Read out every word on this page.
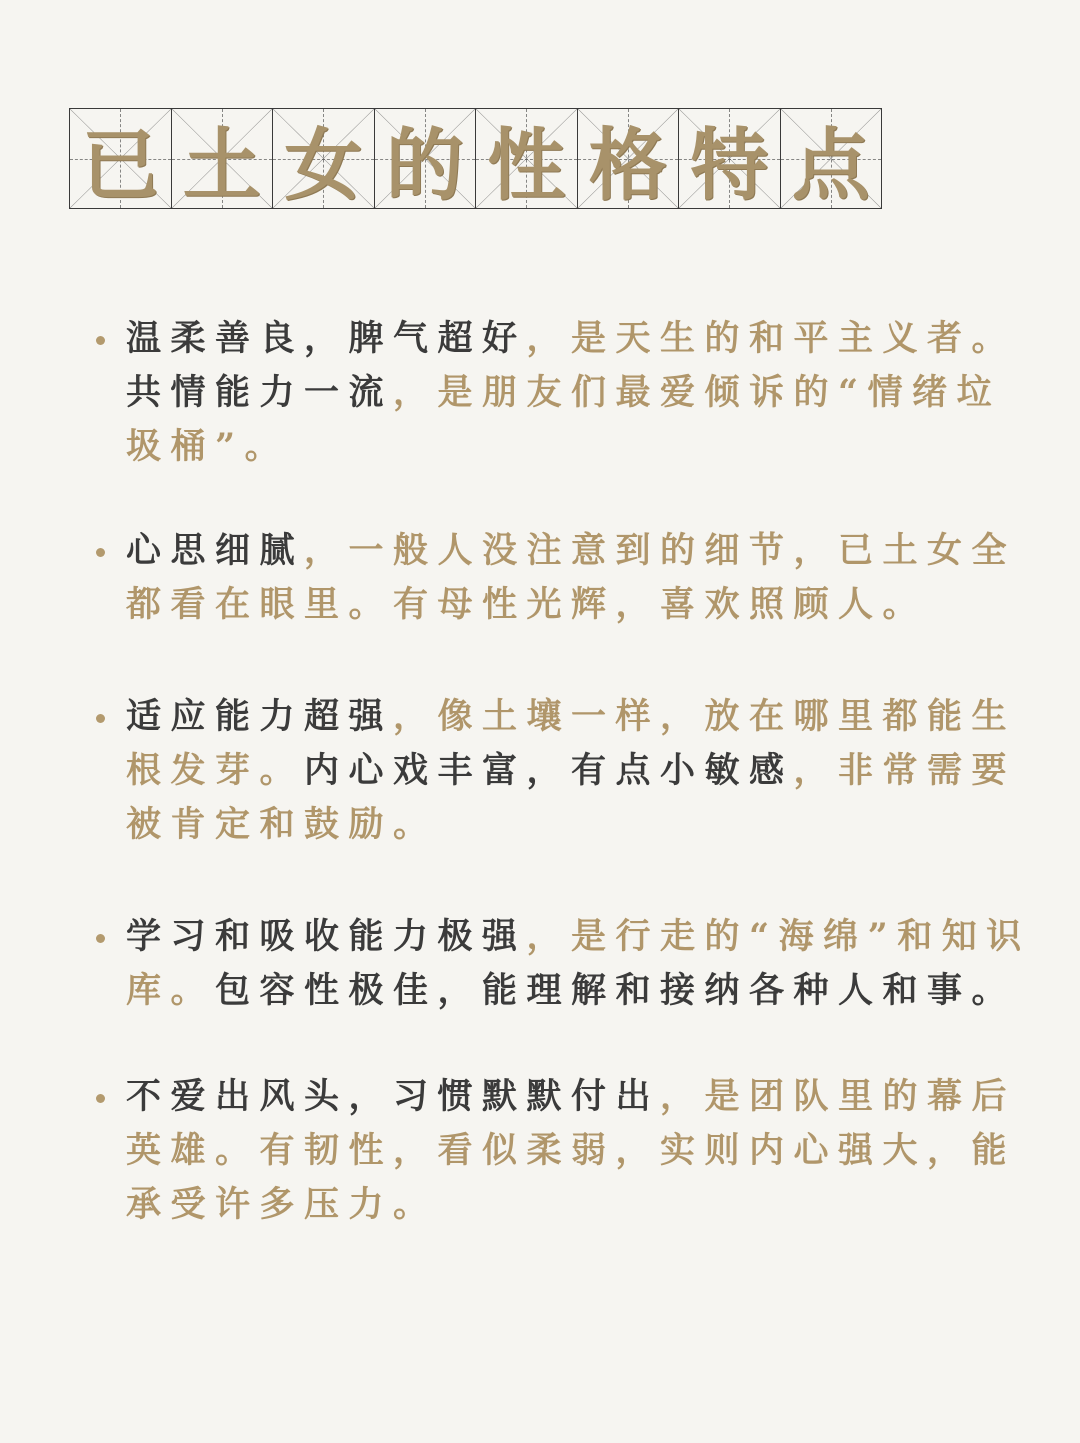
已 土 女 的 性 格 特 点
温柔善良，脾气超好，是天生的和平主义者。共情能力一流，是朋友们最爱倾诉的“情绪垃圾桶”。
心思细腻，一般人没注意到的细节，已土女全都看在眼里。有母性光辉，喜欢照顾人。
适应能力超强，像土壤一样，放在哪里都能生根发芽。内心戏丰富，有点小敏感，非常需要被肯定和鼓励。
学习和吸收能力极强，是行走的“海绵”和知识库。包容性极佳，能理解和接纳各种人和事。
不爱出风头，习惯默默付出，是团队里的幕后英雄。有韧性，看似柔弱，实则内心强大，能承受许多压力。
